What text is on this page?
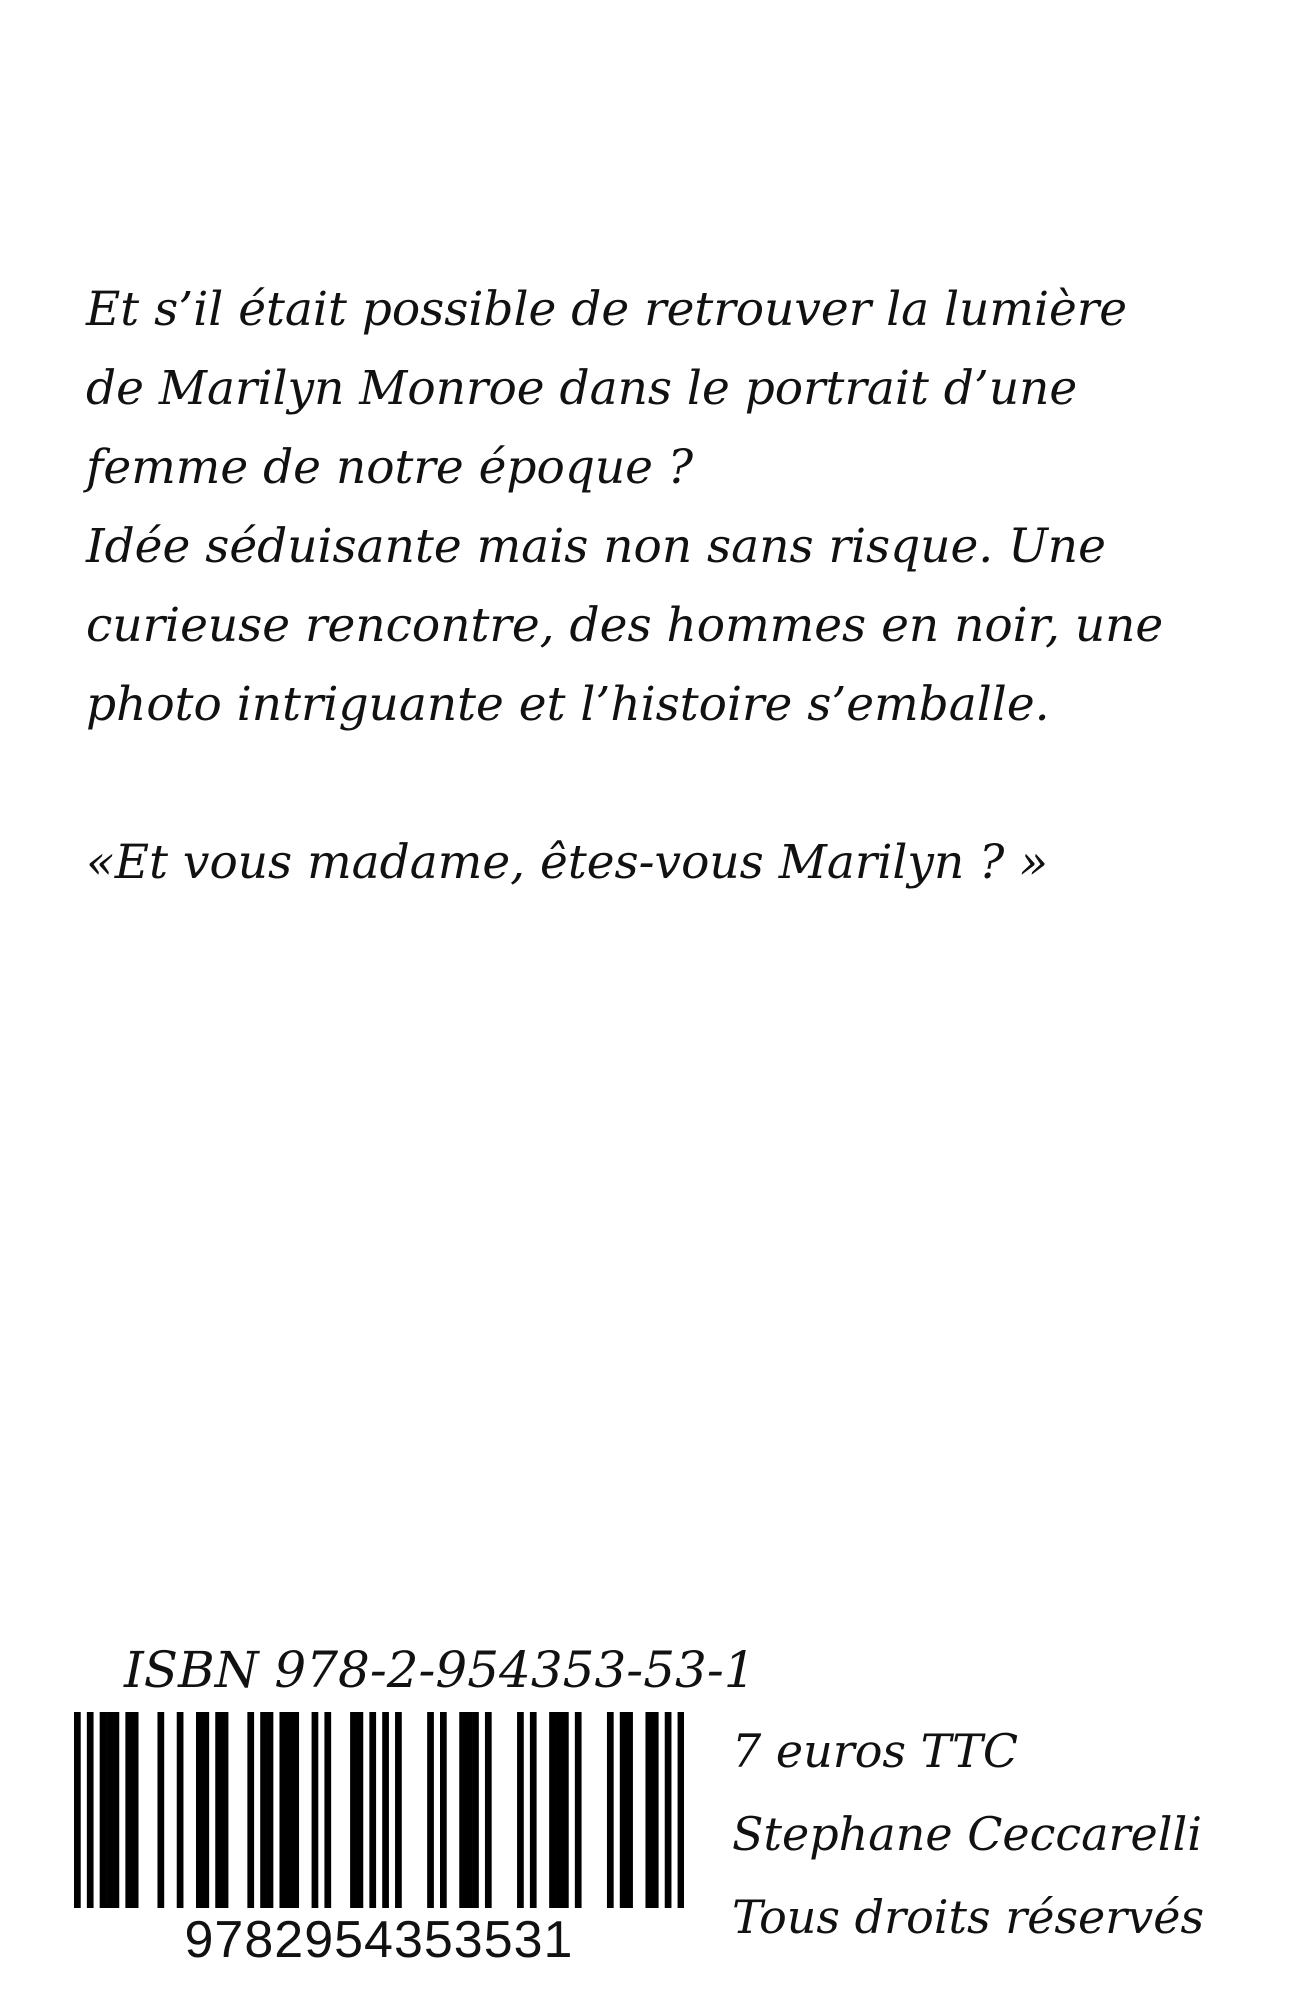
Et s’il était possible de retrouver la lumière
de Marilyn Monroe dans le portrait d’une
femme de notre époque ?
Idée séduisante mais non sans risque. Une
curieuse rencontre, des hommes en noir, une
photo intriguante et l’histoire s’emballe.
«Et vous madame, êtes-vous Marilyn ? »
ISBN 978-2-954353-53-1
9782954353531
7 euros TTC
Stephane Ceccarelli
Tous droits réservés
